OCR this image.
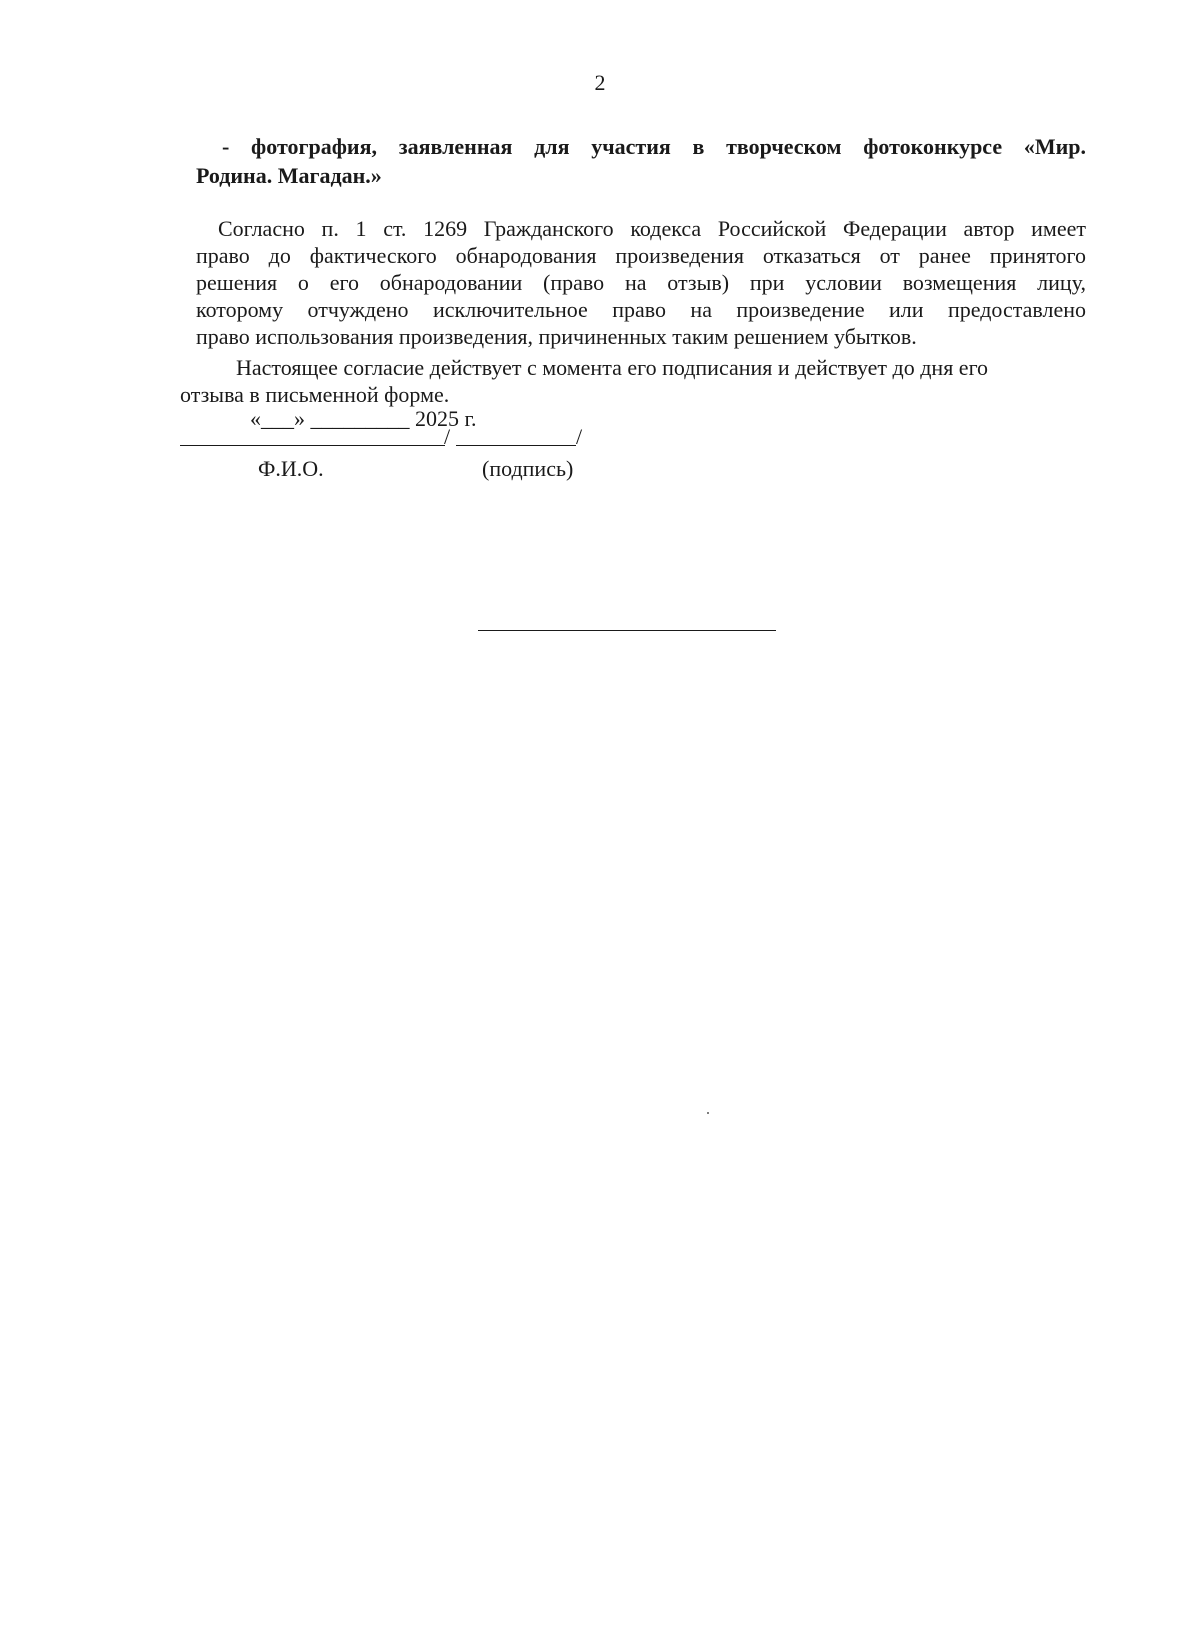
2
- фотография, заявленная для участия в творческом фотоконкурсе «Мир.
Родина. Магадан.»
Согласно п. 1 ст. 1269 Гражданского кодекса Российской Федерации автор имеет
право до фактического обнародования произведения отказаться от ранее принятого
решения о его обнародовании (право на отзыв) при условии возмещения лицу,
которому отчуждено исключительное право на произведение или предоставлено
право использования произведения, причиненных таким решением убытков.
Настоящее согласие действует с момента его подписания и действует до дня его
отзыва в письменной форме.
«___» _________ 2025 г.
/	/
Ф.И.О.	(подпись)
